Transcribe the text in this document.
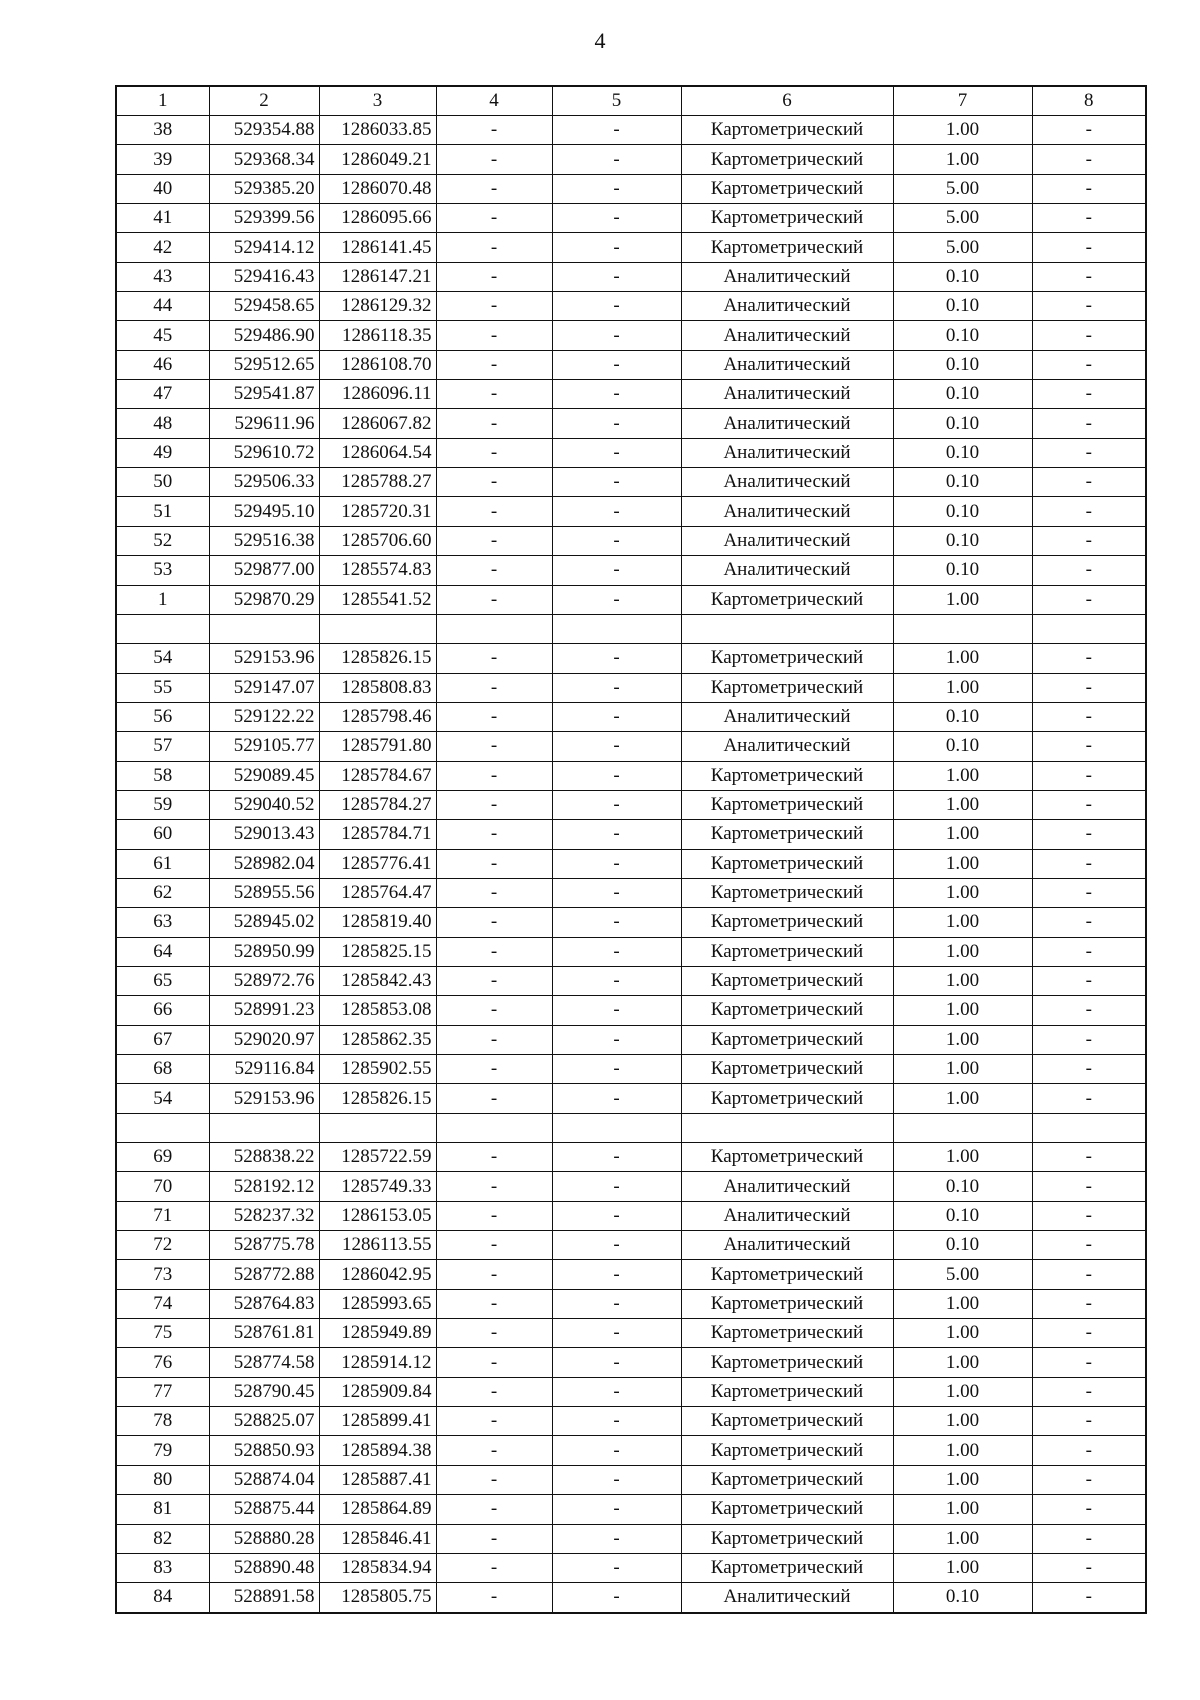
4
1	2	3	4	5	6	7	8
38	529354.88	1286033.85	-	-	Картометрический	1.00	-
39	529368.34	1286049.21	-	-	Картометрический	1.00	-
40	529385.20	1286070.48	-	-	Картометрический	5.00	-
41	529399.56	1286095.66	-	-	Картометрический	5.00	-
42	529414.12	1286141.45	-	-	Картометрический	5.00	-
43	529416.43	1286147.21	-	-	Аналитический	0.10	-
44	529458.65	1286129.32	-	-	Аналитический	0.10	-
45	529486.90	1286118.35	-	-	Аналитический	0.10	-
46	529512.65	1286108.70	-	-	Аналитический	0.10	-
47	529541.87	1286096.11	-	-	Аналитический	0.10	-
48	529611.96	1286067.82	-	-	Аналитический	0.10	-
49	529610.72	1286064.54	-	-	Аналитический	0.10	-
50	529506.33	1285788.27	-	-	Аналитический	0.10	-
51	529495.10	1285720.31	-	-	Аналитический	0.10	-
52	529516.38	1285706.60	-	-	Аналитический	0.10	-
53	529877.00	1285574.83	-	-	Аналитический	0.10	-
1	529870.29	1285541.52	-	-	Картометрический	1.00	-

54	529153.96	1285826.15	-	-	Картометрический	1.00	-
55	529147.07	1285808.83	-	-	Картометрический	1.00	-
56	529122.22	1285798.46	-	-	Аналитический	0.10	-
57	529105.77	1285791.80	-	-	Аналитический	0.10	-
58	529089.45	1285784.67	-	-	Картометрический	1.00	-
59	529040.52	1285784.27	-	-	Картометрический	1.00	-
60	529013.43	1285784.71	-	-	Картометрический	1.00	-
61	528982.04	1285776.41	-	-	Картометрический	1.00	-
62	528955.56	1285764.47	-	-	Картометрический	1.00	-
63	528945.02	1285819.40	-	-	Картометрический	1.00	-
64	528950.99	1285825.15	-	-	Картометрический	1.00	-
65	528972.76	1285842.43	-	-	Картометрический	1.00	-
66	528991.23	1285853.08	-	-	Картометрический	1.00	-
67	529020.97	1285862.35	-	-	Картометрический	1.00	-
68	529116.84	1285902.55	-	-	Картометрический	1.00	-
54	529153.96	1285826.15	-	-	Картометрический	1.00	-

69	528838.22	1285722.59	-	-	Картометрический	1.00	-
70	528192.12	1285749.33	-	-	Аналитический	0.10	-
71	528237.32	1286153.05	-	-	Аналитический	0.10	-
72	528775.78	1286113.55	-	-	Аналитический	0.10	-
73	528772.88	1286042.95	-	-	Картометрический	5.00	-
74	528764.83	1285993.65	-	-	Картометрический	1.00	-
75	528761.81	1285949.89	-	-	Картометрический	1.00	-
76	528774.58	1285914.12	-	-	Картометрический	1.00	-
77	528790.45	1285909.84	-	-	Картометрический	1.00	-
78	528825.07	1285899.41	-	-	Картометрический	1.00	-
79	528850.93	1285894.38	-	-	Картометрический	1.00	-
80	528874.04	1285887.41	-	-	Картометрический	1.00	-
81	528875.44	1285864.89	-	-	Картометрический	1.00	-
82	528880.28	1285846.41	-	-	Картометрический	1.00	-
83	528890.48	1285834.94	-	-	Картометрический	1.00	-
84	528891.58	1285805.75	-	-	Аналитический	0.10	-
